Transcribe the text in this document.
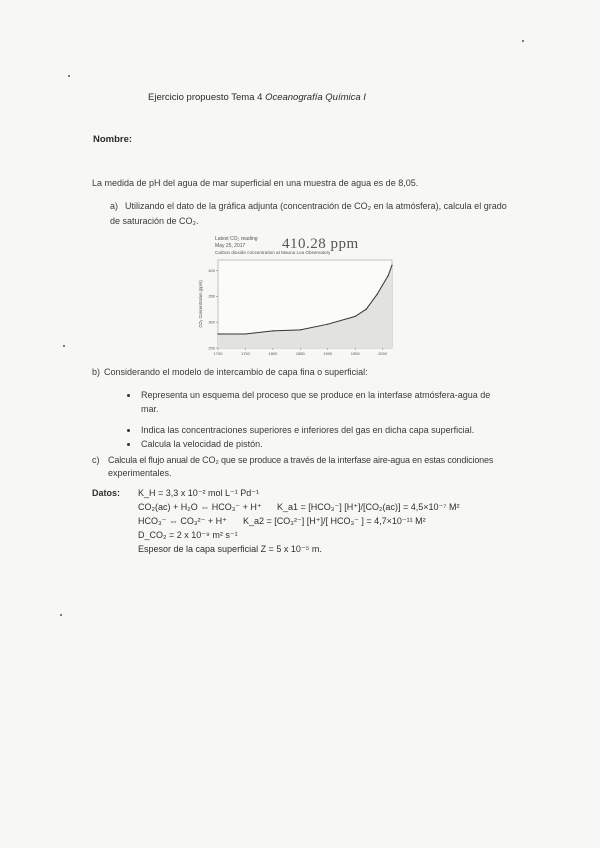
Ejercicio propuesto Tema 4 Oceanografía Química I
Nombre:
La medida de pH del agua de mar superficial en una muestra de agua es de 8,05.
a) Utilizando el dato de la gráfica adjunta (concentración de CO₂ en la atmósfera), calcula el grado
de saturación de CO₂.
Latest CO₂ reading
May 25, 2017
Carbon dioxide concentration at Mauna Loa Observatory
410.28 ppm
400
350
300
250
1700	1750	1800	1850	1900	1950	2000
CO₂ Concentration (ppm)
b) Considerando el modelo de intercambio de capa fina o superficial:
Representa un esquema del proceso que se produce en la interfase atmósfera-agua de
mar.
Indica las concentraciones superiores e inferiores del gas en dicha capa superficial.
Calcula la velocidad de pistón.
c) Calcula el flujo anual de CO₂ que se produce a través de la interfase aire-agua en estas condiciones
experimentales.
Datos: K_H = 3,3 x 10⁻² mol L⁻¹ Pd⁻¹
CO₂(ac) + H₂O ⇔ HCO₃⁻ + H⁺ K_a1 = [HCO₃⁻] [H⁺]/[CO₂(ac)] = 4,5×10⁻⁷ M²
HCO₃⁻ ⇔ CO₃²⁻ + H⁺ K_a2 = [CO₃²⁻] [H⁺]/[ HCO₃⁻ ] = 4,7×10⁻¹¹ M²
D_CO₂ = 2 x 10⁻⁹ m² s⁻¹
Espesor de la capa superficial Z = 5 x 10⁻⁵ m.
